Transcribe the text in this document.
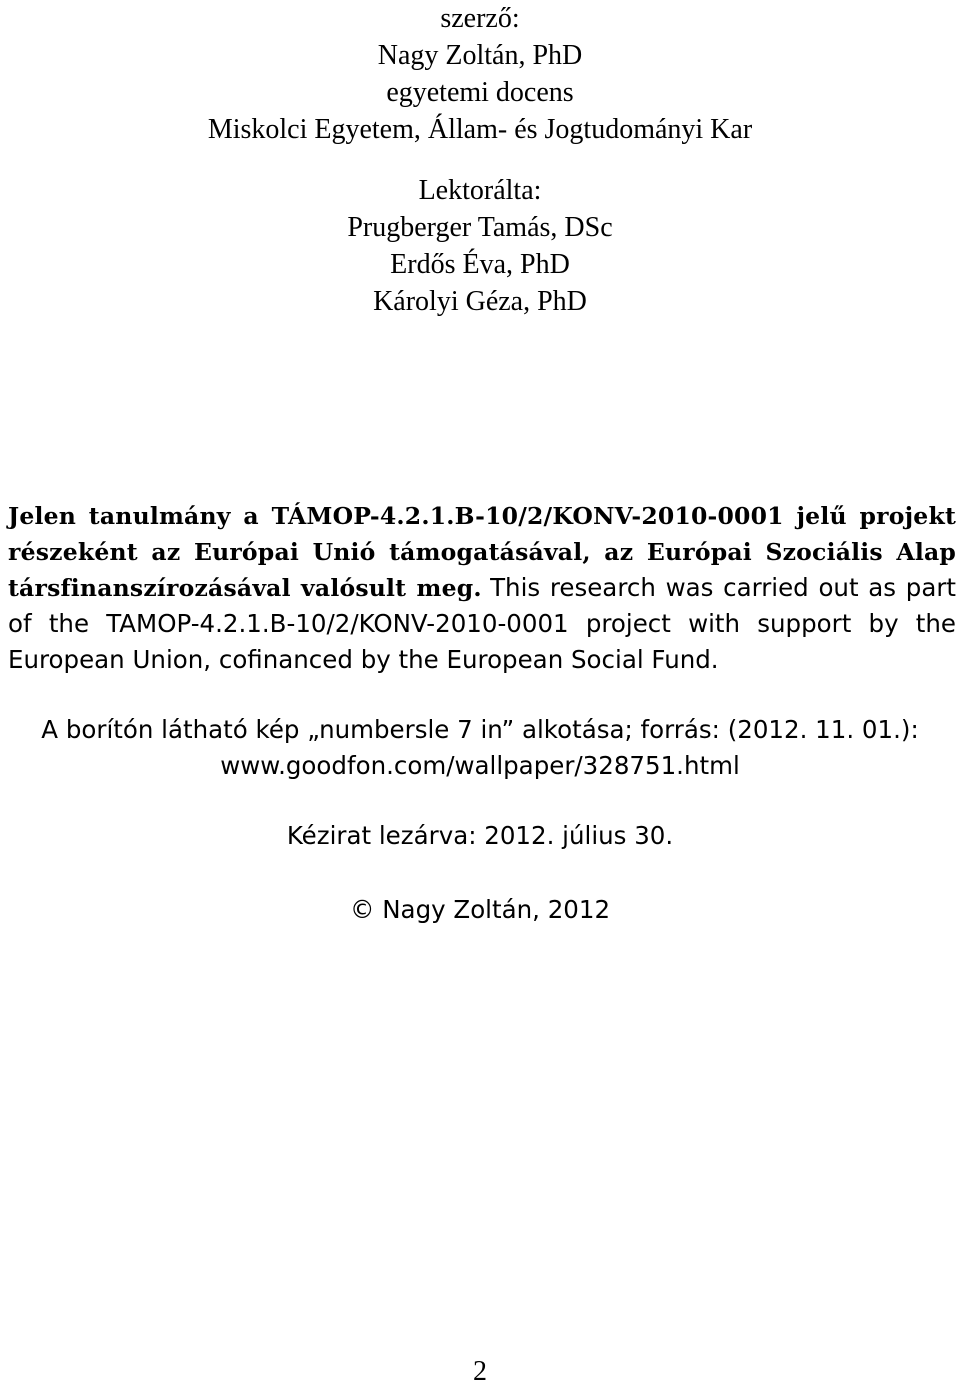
szerző:
Nagy Zoltán, PhD
egyetemi docens
Miskolci Egyetem, Állam- és Jogtudományi Kar
Lektorálta:
Prugberger Tamás, DSc
Erdős Éva, PhD
Károlyi Géza, PhD
Jelen tanulmány a TÁMOP-4.2.1.B-10/2/KONV-2010-0001 jelű projekt
részeként az Európai Unió támogatásával, az Európai Szociális Alap
társfinanszírozásával valósult meg. This research was carried out as part
of the TAMOP-4.2.1.B-10/2/KONV-2010-0001 project with support by the
European Union, cofinanced by the European Social Fund.
A borítón látható kép „numbersle 7 in” alkotása; forrás: (2012. 11. 01.):
www.goodfon.com/wallpaper/328751.html
Kézirat lezárva: 2012. július 30.
© Nagy Zoltán, 2012
2
